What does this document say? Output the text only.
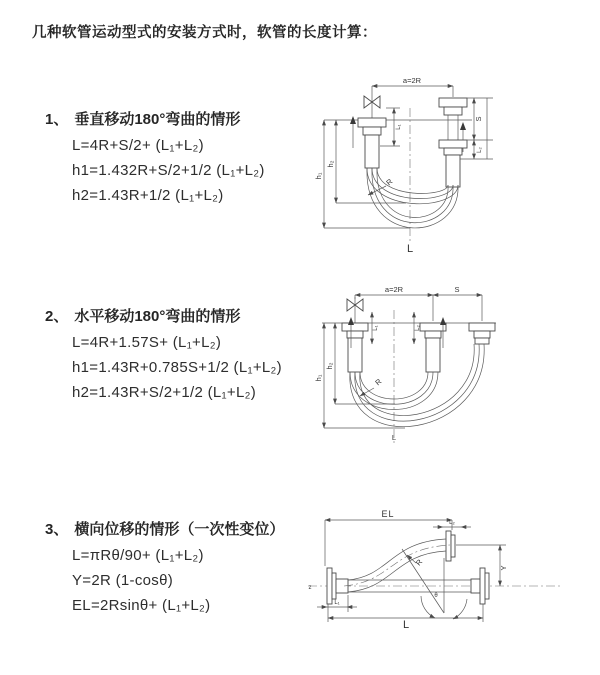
几种软管运动型式的安装方式时，软管的长度计算：
1、 垂直移动180°弯曲的情形
L=4R+S/2+ (L₁+L₂)
h1=1.432R+S/2+1/2 (L₁+L₂)
h2=1.43R+1/2 (L₁+L₂)
2、 水平移动180°弯曲的情形
L=4R+1.57S+ (L₁+L₂)
h1=1.43R+0.785S+1/2 (L₁+L₂)
h2=1.43R+S/2+1/2 (L₁+L₂)
3、 横向位移的情形（一次性变位）
L=πRθ/90+ (L₁+L₂)
Y=2R (1-cosθ)
EL=2Rsinθ+ (L₁+L₂)
a=2R
L₁
S
L₂
h₁
h₂
R
L
a=2R	S
L₁	L₂
h₁
h₂
R
L
EL
L₂
z
Y
θ
R
L₁
L
